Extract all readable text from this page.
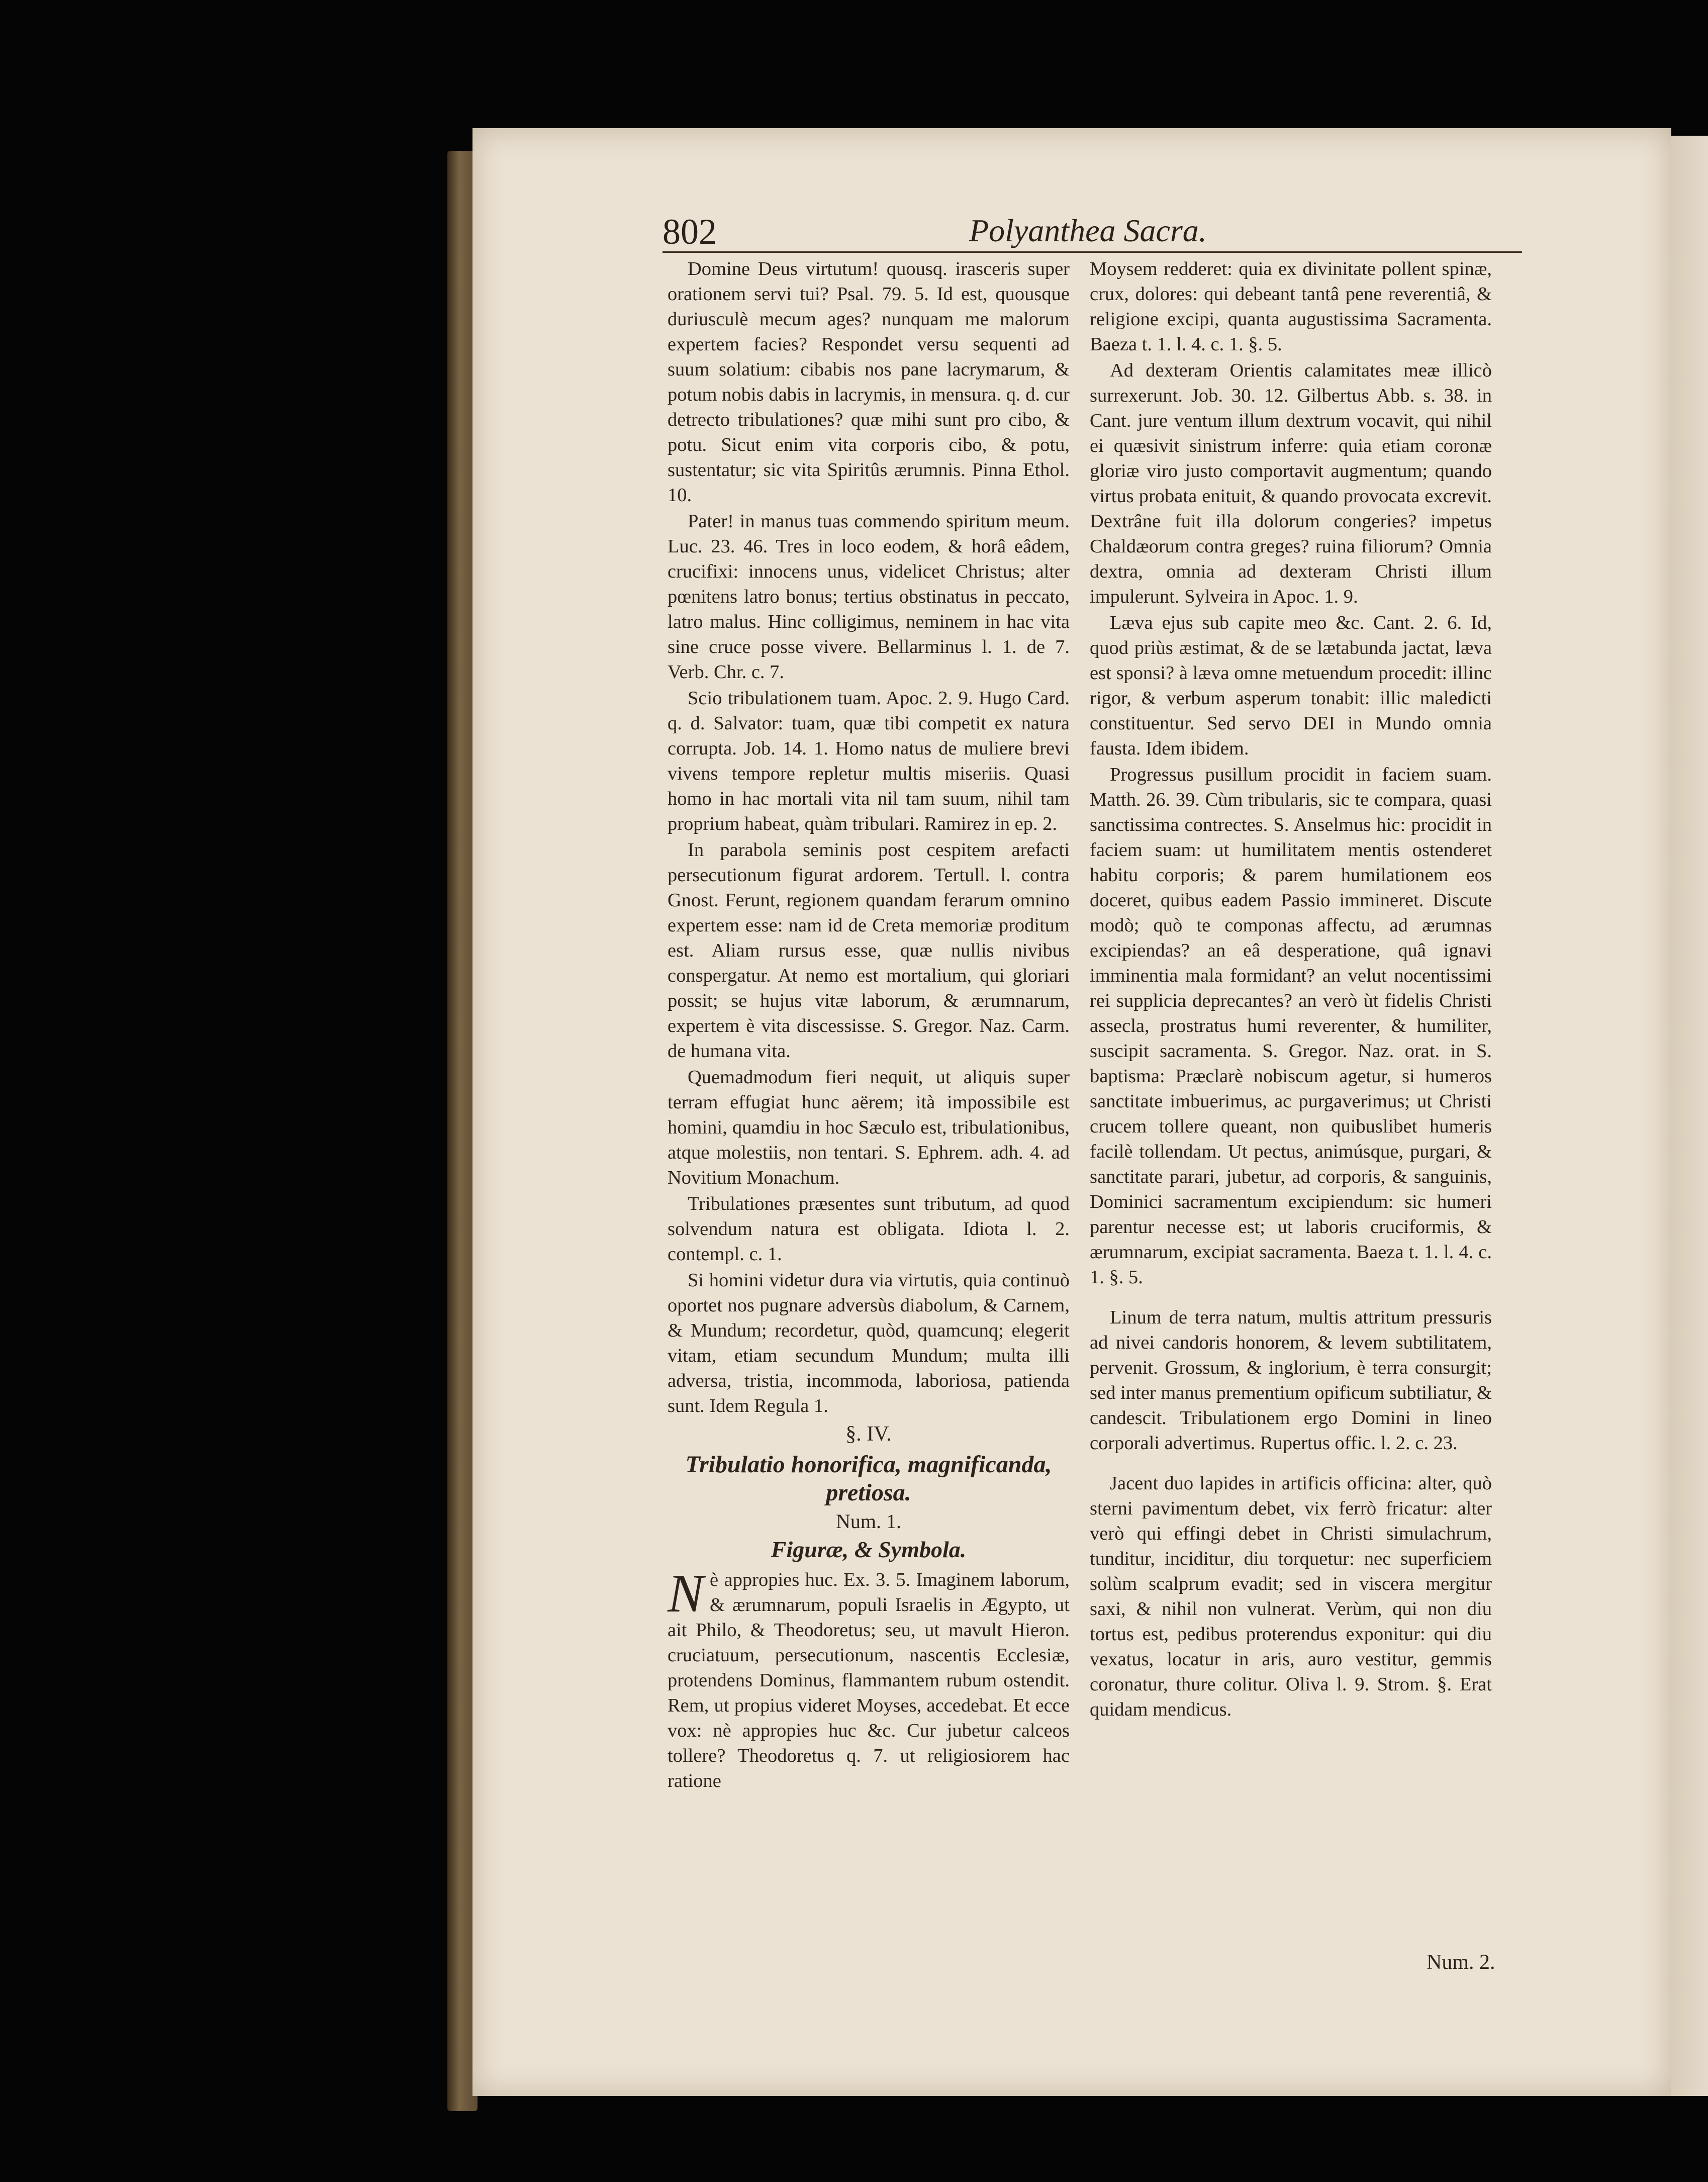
802	Polyanthea Sacra.

Domine Deus virtutum! quousq. irasceris super orationem servi tui? Psal. 79. 5. Id est, quousque duriusculè mecum ages? nunquam me malorum expertem facies? Respondet versu sequenti ad suum solatium: cibabis nos pane lacrymarum, & potum nobis dabis in lacrymis, in mensura. q. d. cur detrecto tribulationes? quæ mihi sunt pro cibo, & potu. Sicut enim vita corporis cibo, & potu, sustentatur; sic vita Spiritûs ærumnis. Pinna Ethol. 10.

Pater! in manus tuas commendo spiritum meum. Luc. 23. 46. Tres in loco eodem, & horâ eâdem, crucifixi: innocens unus, videlicet Christus; alter pœnitens latro bonus; tertius obstinatus in peccato, latro malus. Hinc colligimus, neminem in hac vita sine cruce posse vivere. Bellarminus l. 1. de 7. Verb. Chr. c. 7.

Scio tribulationem tuam. Apoc. 2. 9. Hugo Card. q. d. Salvator: tuam, quæ tibi competit ex natura corrupta. Job. 14. 1. Homo natus de muliere brevi vivens tempore repletur multis miseriis. Quasi homo in hac mortali vita nil tam suum, nihil tam proprium habeat, quàm tribulari. Ramirez in ep. 2.

In parabola seminis post cespitem arefacti persecutionum figurat ardorem. Tertull. l. contra Gnost. Ferunt, regionem quandam ferarum omnino expertem esse: nam id de Creta memoriæ proditum est. Aliam rursus esse, quæ nullis nivibus conspergatur. At nemo est mortalium, qui gloriari possit; se hujus vitæ laborum, & ærumnarum, expertem è vita discessisse. S. Gregor. Naz. Carm. de humana vita.

Quemadmodum fieri nequit, ut aliquis super terram effugiat hunc aërem; ità impossibile est homini, quamdiu in hoc Sæculo est, tribulationibus, atque molestiis, non tentari. S. Ephrem. adh. 4. ad Novitium Monachum.

Tribulationes præsentes sunt tributum, ad quod solvendum natura est obligata. Idiota l. 2. contempl. c. 1.

Si homini videtur dura via virtutis, quia continuò oportet nos pugnare adversùs diabolum, & Carnem, & Mundum; recordetur, quòd, quamcunq; elegerit vitam, etiam secundum Mundum; multa illi adversa, tristia, incommoda, laboriosa, patienda sunt. Idem Regula 1.

§. IV.
Tribulatio honorifica, magnificanda, pretiosa.
Num. 1.
Figuræ, & Symbola.

Nè appropies huc. Ex. 3. 5. Imaginem laborum, & ærumnarum, populi Israelis in Ægypto, ut ait Philo, & Theodoretus; seu, ut mavult Hieron. cruciatuum, persecutionum, nascentis Ecclesiæ, protendens Dominus, flammantem rubum ostendit. Rem, ut propius videret Moyses, accedebat. Et ecce vox: nè appropies huc &c. Cur jubetur calceos tollere? Theodoretus q. 7. ut religiosiorem hac ratione

Moysem redderet: quia ex divinitate pollent spinæ, crux, dolores: qui debeant tantâ pene reverentiâ, & religione excipi, quanta augustissima Sacramenta. Baeza t. 1. l. 4. c. 1. §. 5.

Ad dexteram Orientis calamitates meæ illicò surrexerunt. Job. 30. 12. Gilbertus Abb. s. 38. in Cant. jure ventum illum dextrum vocavit, qui nihil ei quæsivit sinistrum inferre: quia etiam coronæ gloriæ viro justo comportavit augmentum; quando virtus probata enituit, & quando provocata excrevit. Dextrâne fuit illa dolorum congeries? impetus Chaldæorum contra greges? ruina filiorum? Omnia dextra, omnia ad dexteram Christi illum impulerunt. Sylveira in Apoc. 1. 9.

Læva ejus sub capite meo &c. Cant. 2. 6. Id, quod priùs æstimat, & de se lætabunda jactat, læva est sponsi? à læva omne metuendum procedit: illinc rigor, & verbum asperum tonabit: illic maledicti constituentur. Sed servo DEI in Mundo omnia fausta. Idem ibidem.

Progressus pusillum procidit in faciem suam. Matth. 26. 39. Cùm tribularis, sic te compara, quasi sanctissima contrectes. S. Anselmus hic: procidit in faciem suam: ut humilitatem mentis ostenderet habitu corporis; & parem humilationem eos doceret, quibus eadem Passio immineret. Discute modò; quò te componas affectu, ad ærumnas excipiendas? an eâ desperatione, quâ ignavi imminentia mala formidant? an velut nocentissimi rei supplicia deprecantes? an verò ùt fidelis Christi assecla, prostratus humi reverenter, & humiliter, suscipit sacramenta. S. Gregor. Naz. orat. in S. baptisma: Præclarè nobiscum agetur, si humeros sanctitate imbuerimus, ac purgaverimus; ut Christi crucem tollere queant, non quibuslibet humeris facilè tollendam. Ut pectus, animúsque, purgari, & sanctitate parari, jubetur, ad corporis, & sanguinis, Dominici sacramentum excipiendum: sic humeri parentur necesse est; ut laboris cruciformis, & ærumnarum, excipiat sacramenta. Baeza t. 1. l. 4. c. 1. §. 5.

Linum de terra natum, multis attritum pressuris ad nivei candoris honorem, & levem subtilitatem, pervenit. Grossum, & inglorium, è terra consurgit; sed inter manus prementium opificum subtiliatur, & candescit. Tribulationem ergo Domini in lineo corporali advertimus. Rupertus offic. l. 2. c. 23.

Jacent duo lapides in artificis officina: alter, quò sterni pavimentum debet, vix ferrò fricatur: alter verò qui effingi debet in Christi simulachrum, tunditur, inciditur, diu torquetur: nec superficiem solùm scalprum evadit; sed in viscera mergitur saxi, & nihil non vulnerat. Verùm, qui non diu tortus est, pedibus proterendus exponitur: qui diu vexatus, locatur in aris, auro vestitur, gemmis coronatur, thure colitur. Oliva l. 9. Strom. §. Erat quidam mendicus.

Num. 2.
